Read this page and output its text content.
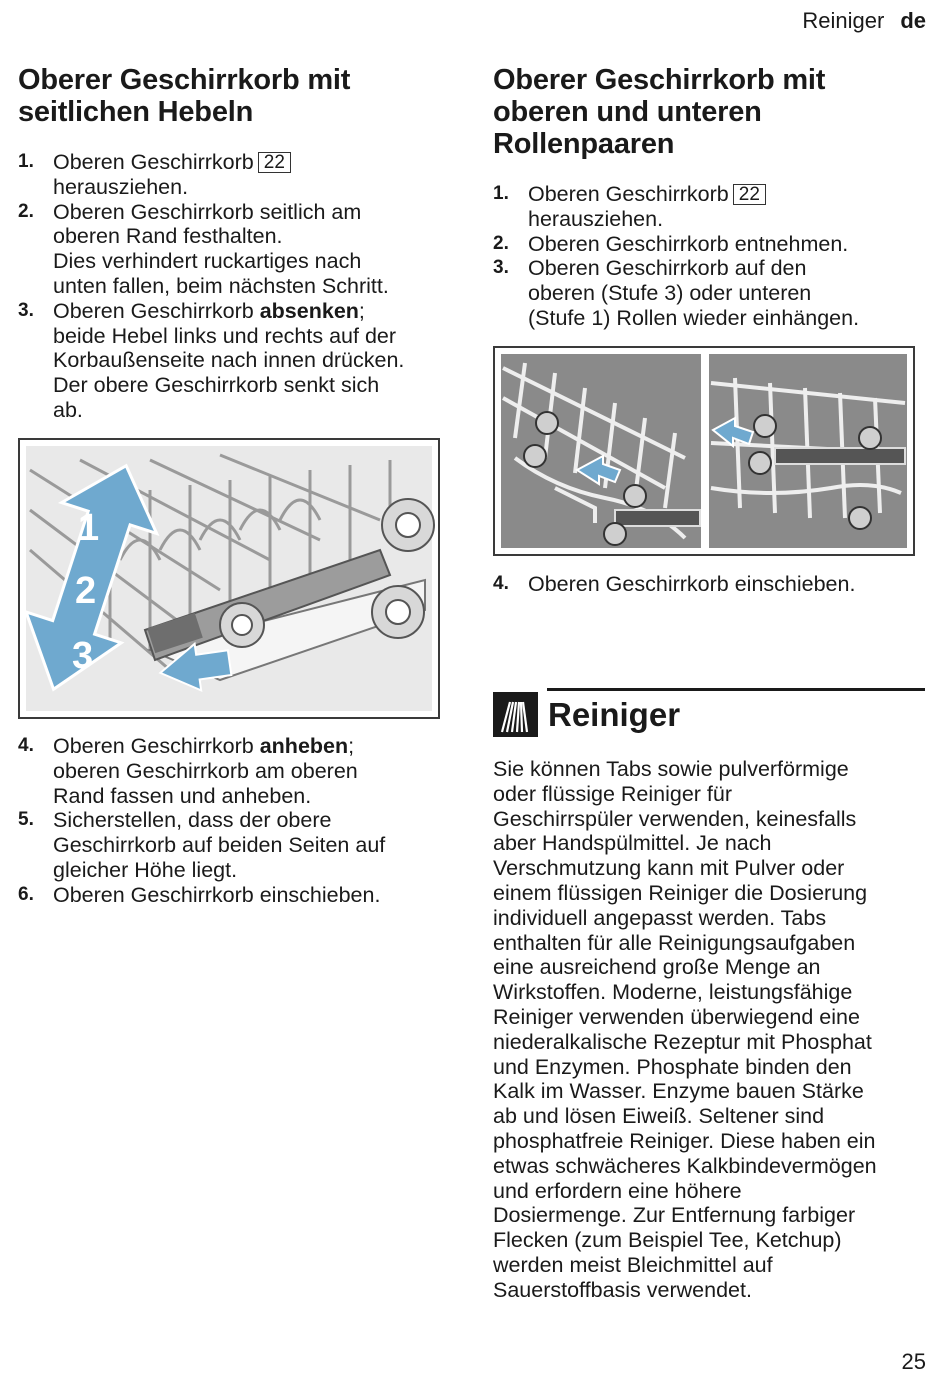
Reiniger de
Oberer Geschirrkorb mit
seitlichen Hebeln
1. Oberen Geschirrkorb 22
herausziehen.
2. Oberen Geschirrkorb seitlich am
oberen Rand festhalten.
Dies verhindert ruckartiges nach
unten fallen, beim nächsten Schritt.
3. Oberen Geschirrkorb absenken;
beide Hebel links und rechts auf der
Korbaußenseite nach innen drücken.
Der obere Geschirrkorb senkt sich
ab.
1
2
3
4. Oberen Geschirrkorb anheben;
oberen Geschirrkorb am oberen
Rand fassen und anheben.
5. Sicherstellen, dass der obere
Geschirrkorb auf beiden Seiten auf
gleicher Höhe liegt.
6. Oberen Geschirrkorb einschieben.
Oberer Geschirrkorb mit
oberen und unteren
Rollenpaaren
1. Oberen Geschirrkorb 22
herausziehen.
2. Oberen Geschirrkorb entnehmen.
3. Oberen Geschirrkorb auf den
oberen (Stufe 3) oder unteren
(Stufe 1) Rollen wieder einhängen.
4. Oberen Geschirrkorb einschieben.
Reiniger

Sie können Tabs sowie pulverförmige
oder flüssige Reiniger für
Geschirrspüler verwenden, keinesfalls
aber Handspülmittel. Je nach
Verschmutzung kann mit Pulver oder
einem flüssigen Reiniger die Dosierung
individuell angepasst werden. Tabs
enthalten für alle Reinigungsaufgaben
eine ausreichend große Menge an
Wirkstoffen. Moderne, leistungsfähige
Reiniger verwenden überwiegend eine
niederalkalische Rezeptur mit Phosphat
und Enzymen. Phosphate binden den
Kalk im Wasser. Enzyme bauen Stärke
ab und lösen Eiweiß. Seltener sind
phosphatfreie Reiniger. Diese haben ein
etwas schwächeres Kalkbindevermögen
und erfordern eine höhere
Dosiermenge. Zur Entfernung farbiger
Flecken (zum Beispiel Tee, Ketchup)
werden meist Bleichmittel auf
Sauerstoffbasis verwendet.

25
